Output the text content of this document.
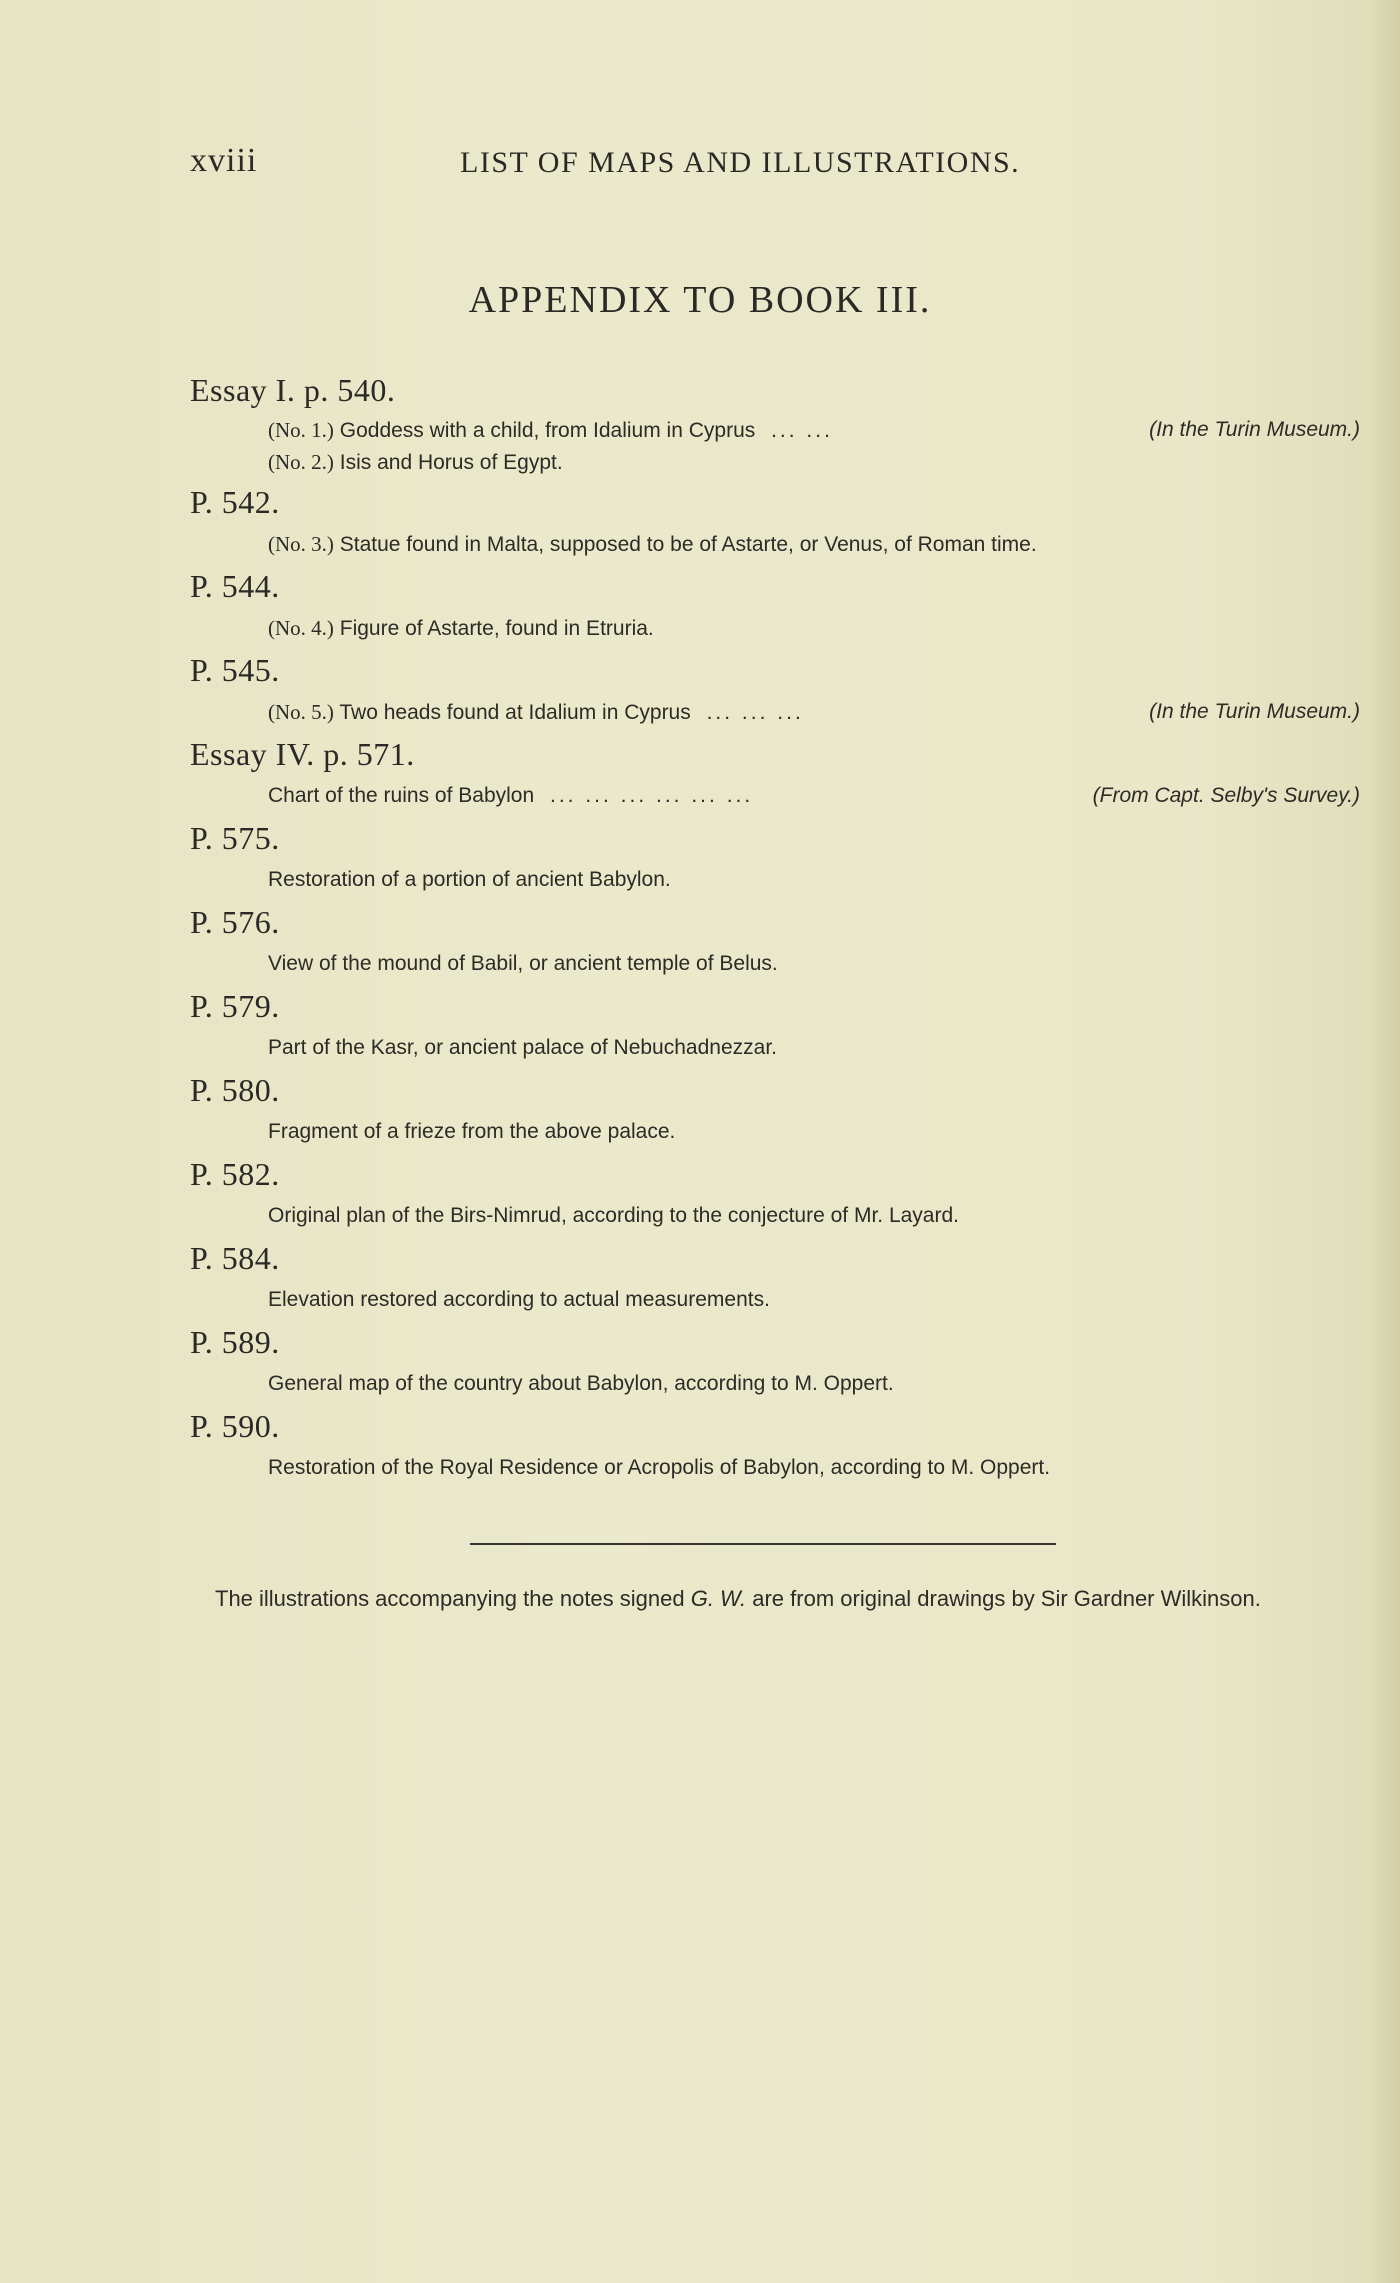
xviii	LIST OF MAPS AND ILLUSTRATIONS.
APPENDIX TO BOOK III.
Essay I. p. 540.
(No. 1.) Goddess with a child, from Idalium in Cyprus ... ...	(In the Turin Museum.)
(No. 2.) Isis and Horus of Egypt.
P. 542.
(No. 3.) Statue found in Malta, supposed to be of Astarte, or Venus, of Roman time.
P. 544.
(No. 4.) Figure of Astarte, found in Etruria.
P. 545.
(No. 5.) Two heads found at Idalium in Cyprus ... ... ...	(In the Turin Museum.)
Essay IV. p. 571.
Chart of the ruins of Babylon ... ... ... ... ... ...	(From Capt. Selby's Survey.)
P. 575.
Restoration of a portion of ancient Babylon.
P. 576.
View of the mound of Babil, or ancient temple of Belus.
P. 579.
Part of the Kasr, or ancient palace of Nebuchadnezzar.
P. 580.
Fragment of a frieze from the above palace.
P. 582.
Original plan of the Birs-Nimrud, according to the conjecture of Mr. Layard.
P. 584.
Elevation restored according to actual measurements.
P. 589.
General map of the country about Babylon, according to M. Oppert.
P. 590.
Restoration of the Royal Residence or Acropolis of Babylon, according to M. Oppert.
The illustrations accompanying the notes signed G. W. are from original drawings by Sir Gardner Wilkinson.
